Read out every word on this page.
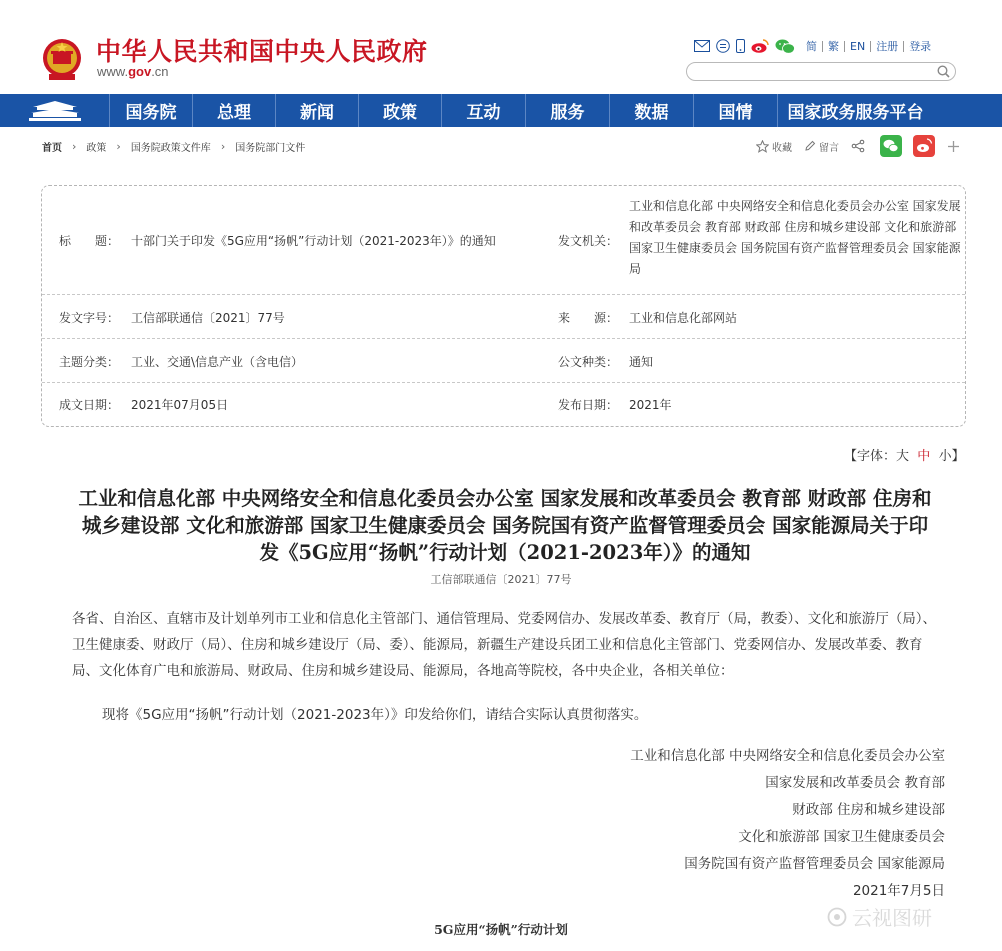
中华人民共和国中央人民政府
www.gov.cn
简	繁	EN	注册	登录
国务院	总理	新闻	政策	互动	服务	数据	国情	国家政务服务平台
首页 › 政策 › 国务院政策文件库 › 国务院部门文件	收藏	留言
标　　题： 十部门关于印发《5G应用“扬帆”行动计划（2021-2023年）》的通知	发文机关：
工业和信息化部 中央网络安全和信息化委员会办公室 国家发展和改革委员会 教育部 财政部 住房和城乡建设部 文化和旅游部 国家卫生健康委员会 国务院国有资产监督管理委员会 国家能源局
发文字号： 工信部联通信〔2021〕77号	来　　源： 工业和信息化部网站
主题分类： 工业、交通\信息产业（含电信）	公文种类： 通知
成文日期： 2021年07月05日	发布日期： 2021年
【字体：大 中 小】
工业和信息化部 中央网络安全和信息化委员会办公室 国家发展和改革委员会 教育部 财政部 住房和城乡建设部 文化和旅游部 国家卫生健康委员会 国务院国有资产监督管理委员会 国家能源局关于印发《5G应用“扬帆”行动计划（2021-2023年）》的通知
工信部联通信〔2021〕77号
各省、自治区、直辖市及计划单列市工业和信息化主管部门、通信管理局、党委网信办、发展改革委、教育厅（局，教委）、文化和旅游厅（局）、卫生健康委、财政厅（局）、住房和城乡建设厅（局、委）、能源局，新疆生产建设兵团工业和信息化主管部门、党委网信办、发展改革委、教育局、文化体育广电和旅游局、财政局、住房和城乡建设局、能源局，各地高等院校，各中央企业，各相关单位：
现将《5G应用“扬帆”行动计划（2021-2023年）》印发给你们，请结合实际认真贯彻落实。
工业和信息化部 中央网络安全和信息化委员会办公室
国家发展和改革委员会 教育部
财政部 住房和城乡建设部
文化和旅游部 国家卫生健康委员会
国务院国有资产监督管理委员会 国家能源局
2021年7月5日
5G应用“扬帆”行动计划	云视图研
